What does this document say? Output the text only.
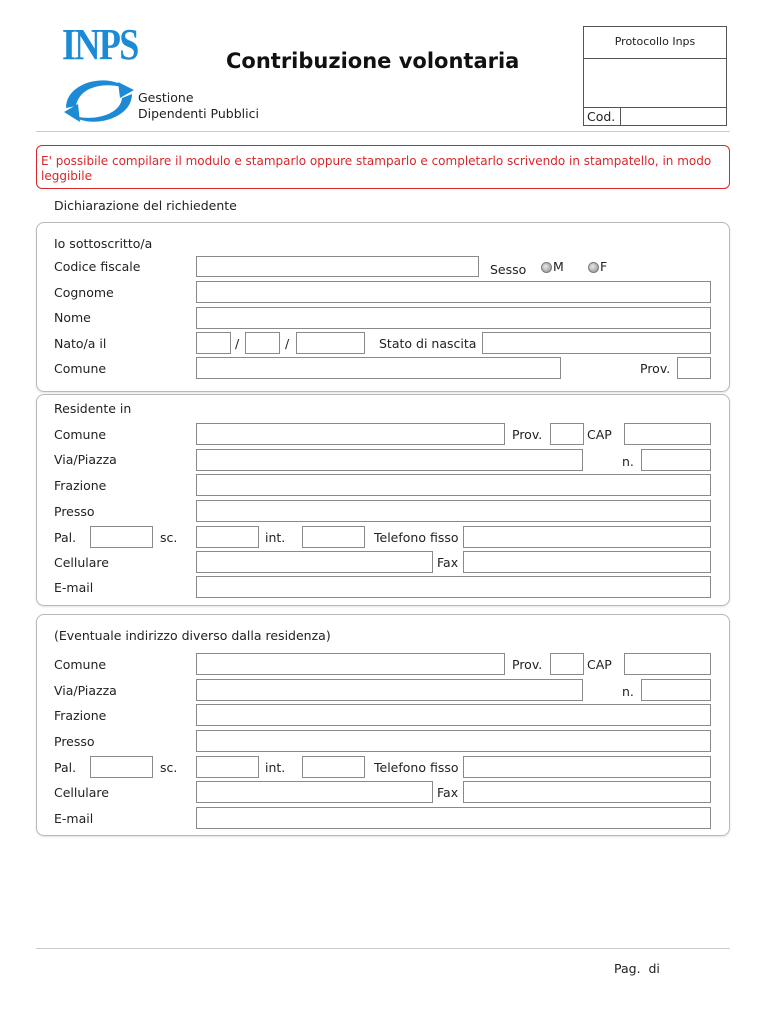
INPS
Gestione
Dipendenti Pubblici
Contribuzione volontaria
Protocollo Inps
Cod.
E' possibile compilare il modulo e stamparlo oppure stamparlo e completarlo scrivendo in stampatello, in modo leggibile
Dichiarazione del richiedente
Io sottoscritto/a
Codice fiscale	Sesso M	F
Cognome
Nome
Nato/a il	/	/	Stato di nascita
Comune	Prov.
Residente in
Comune	Prov.	CAP
Via/Piazza	n.
Frazione
Presso
Pal.	sc.	int.	Telefono fisso
Cellulare	Fax
E-mail
(Eventuale indirizzo diverso dalla residenza)
Comune	Prov.	CAP
Via/Piazza	n.
Frazione
Presso
Pal.	sc.	int.	Telefono fisso
Cellulare	Fax
E-mail
Pag.  di
